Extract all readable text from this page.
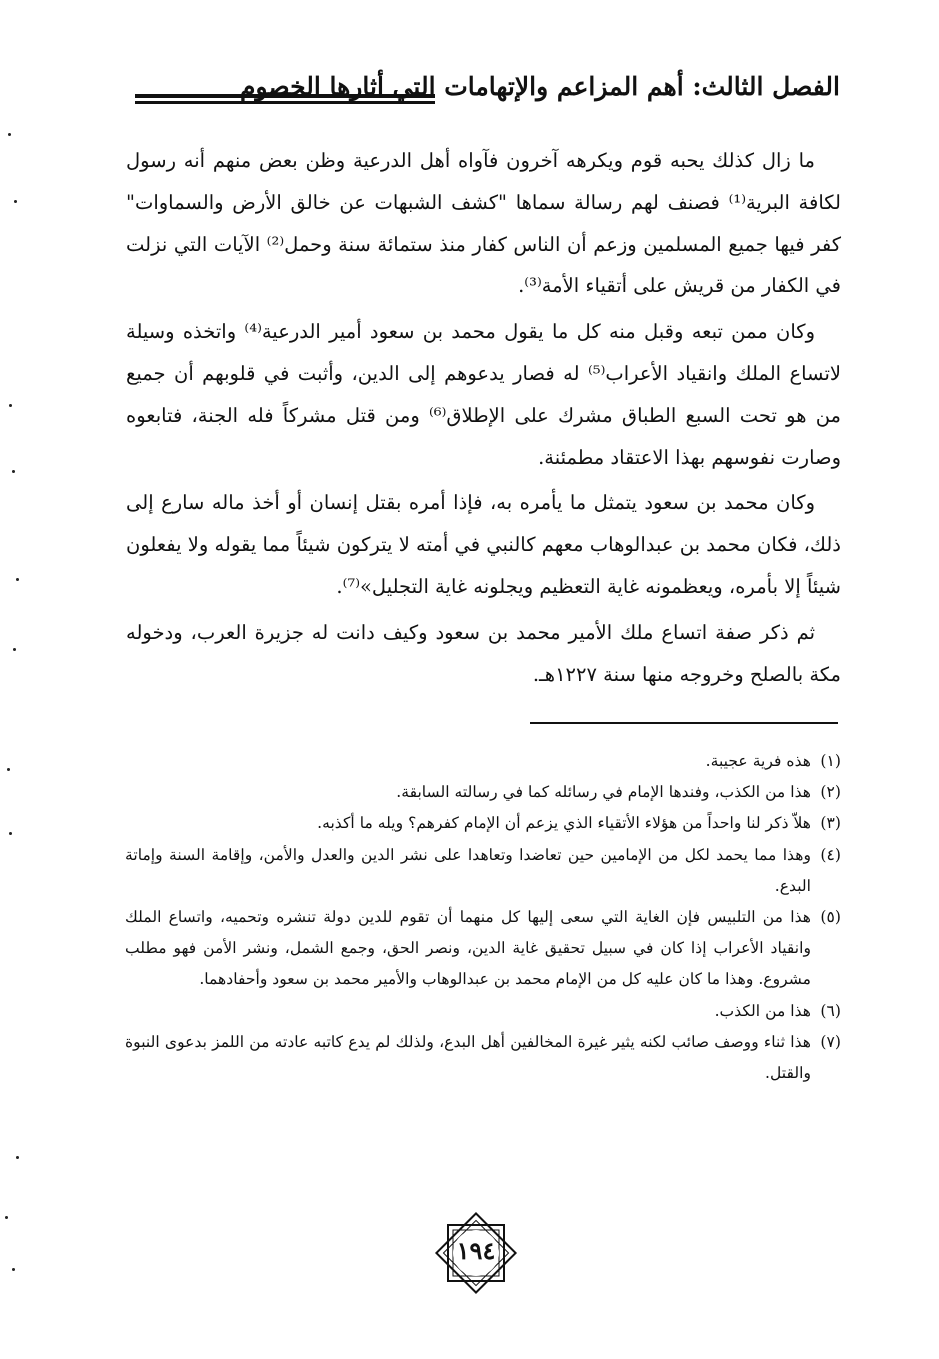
الفصل الثالث: أهم المزاعم والإتهامات التي أثارها الخصوم

ما زال كذلك يحبه قوم ويكرهه آخرون فآواه أهل الدرعية وظن بعض منهم أنه رسول لكافة البرية⁽¹⁾ فصنف لهم رسالة سماها "كشف الشبهات عن خالق الأرض والسماوات" كفر فيها جميع المسلمين وزعم أن الناس كفار منذ ستمائة سنة وحمل⁽²⁾ الآيات التي نزلت في الكفار من قريش على أتقياء الأمة⁽³⁾.

وكان ممن تبعه وقبل منه كل ما يقول محمد بن سعود أمير الدرعية⁽⁴⁾ واتخذه وسيلة لاتساع الملك وانقياد الأعراب⁽⁵⁾ له فصار يدعوهم إلى الدين، وأثبت في قلوبهم أن جميع من هو تحت السبع الطباق مشرك على الإطلاق⁽⁶⁾ ومن قتل مشركاً فله الجنة، فتابعوه وصارت نفوسهم بهذا الاعتقاد مطمئنة.

وكان محمد بن سعود يتمثل ما يأمره به، فإذا أمره بقتل إنسان أو أخذ ماله سارع إلى ذلك، فكان محمد بن عبدالوهاب معهم كالنبي في أمته لا يتركون شيئاً مما يقوله ولا يفعلون شيئاً إلا بأمره، ويعظمونه غاية التعظيم ويجلونه غاية التجليل»⁽⁷⁾.

ثم ذكر صفة اتساع ملك الأمير محمد بن سعود وكيف دانت له جزيرة العرب، ودخوله مكة بالصلح وخروجه منها سنة ١٢٢٧هـ.

(١)
هذه فرية عجيبة.

(٢)
هذا من الكذب، وفندها الإمام في رسائله كما في رسالته السابقة.

(٣)
هلاّ ذكر لنا واحداً من هؤلاء الأتقياء الذي يزعم أن الإمام كفرهم؟ ويله ما أكذبه.

(٤)
وهذا مما يحمد لكل من الإمامين حين تعاضدا وتعاهدا على نشر الدين والعدل والأمن، وإقامة السنة وإماتة البدع.

(٥)
هذا من التلبيس فإن الغاية التي سعى إليها كل منهما أن تقوم للدين دولة تنشره وتحميه، واتساع الملك وانقياد الأعراب إذا كان في سبيل تحقيق غاية الدين، ونصر الحق، وجمع الشمل، ونشر الأمن فهو مطلب مشروع. وهذا ما كان عليه كل من الإمام محمد بن عبدالوهاب والأمير محمد بن سعود وأحفادهما.

(٦)
هذا من الكذب.

(٧)
هذا ثناء ووصف صائب لكنه يثير غيرة المخالفين أهل البدع، ولذلك لم يدع كاتبه عادته من اللمز بدعوى النبوة والقتل.

١٩٤
